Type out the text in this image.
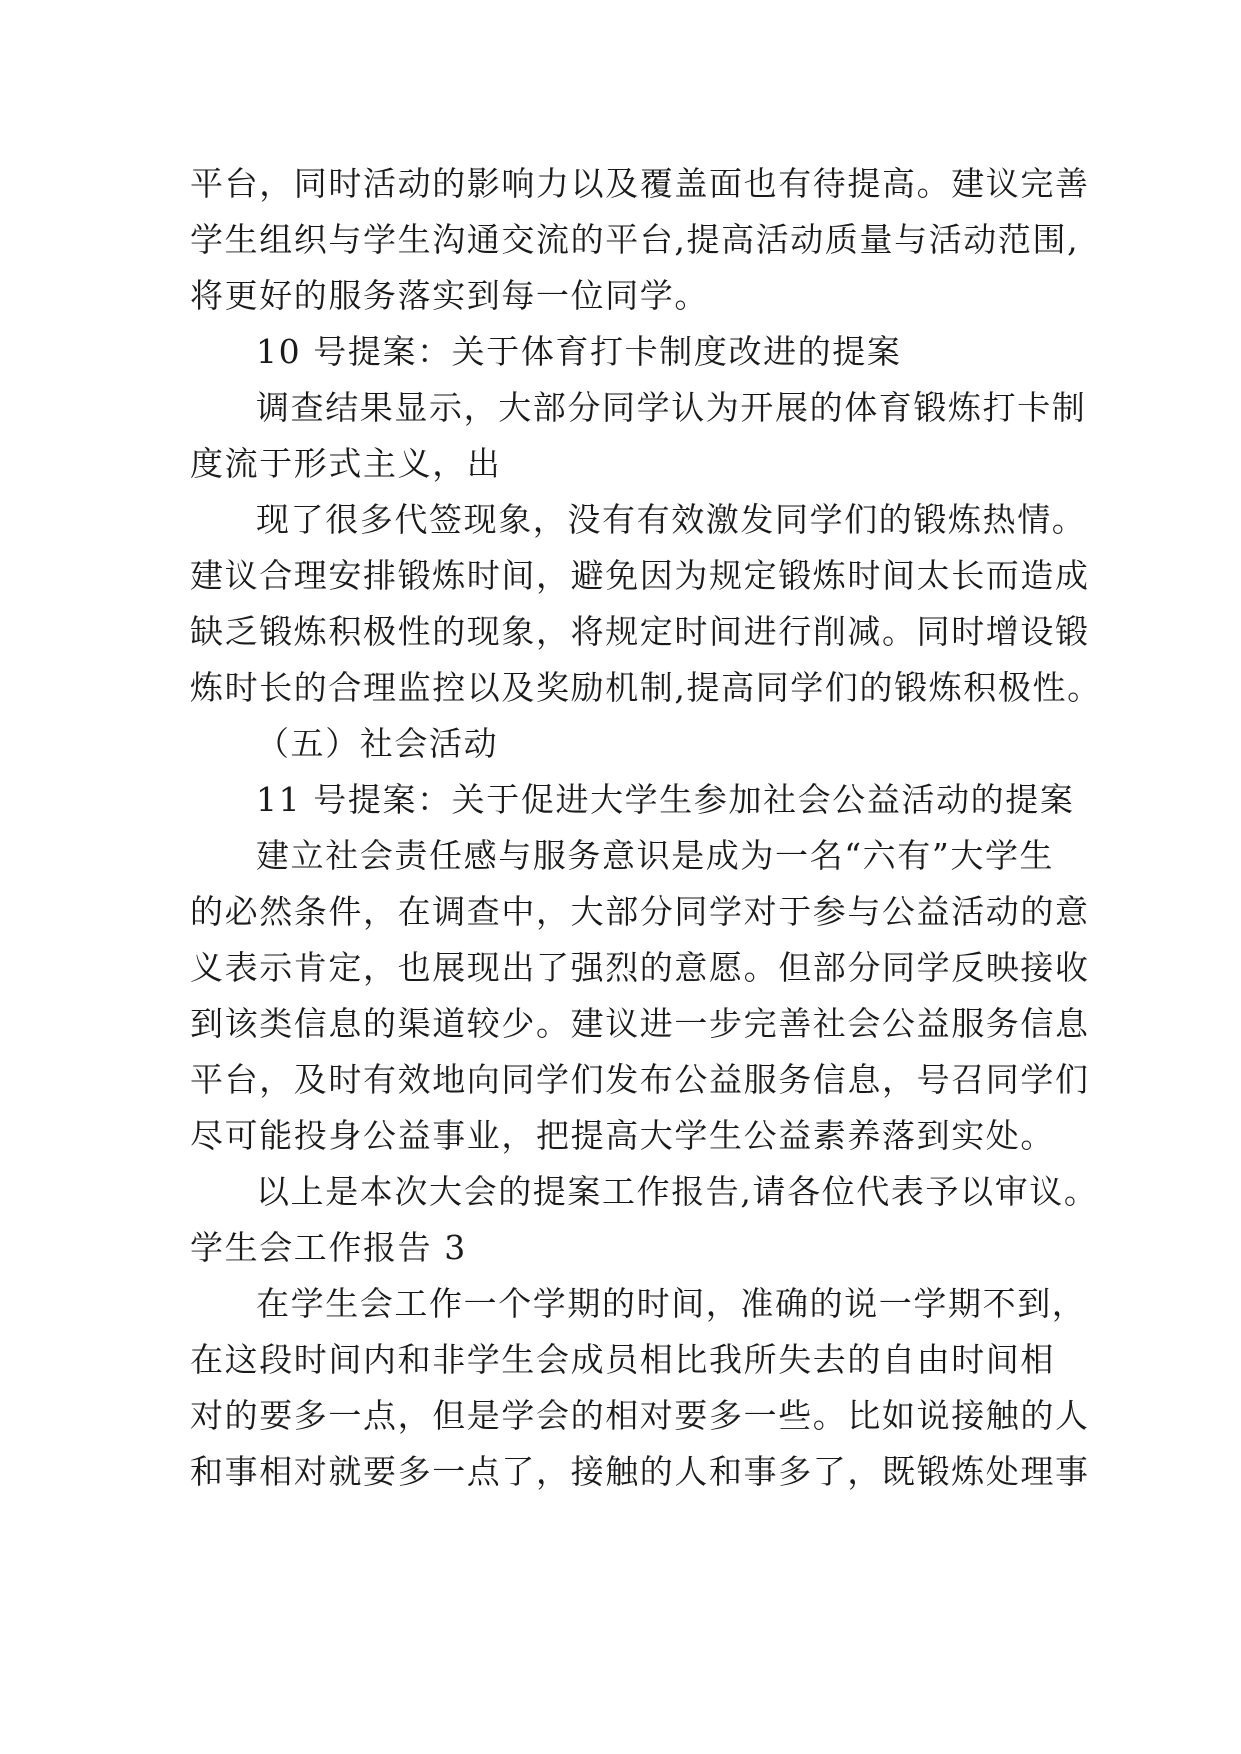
平台，同时活动的影响力以及覆盖面也有待提高。建议完善

学生组织与学生沟通交流的平台,提高活动质量与活动范围,

将更好的服务落实到每一位同学。

10 号提案：关于体育打卡制度改进的提案

调查结果显示，大部分同学认为开展的体育锻炼打卡制

度流于形式主义，出

现了很多代签现象，没有有效激发同学们的锻炼热情。

建议合理安排锻炼时间，避免因为规定锻炼时间太长而造成

缺乏锻炼积极性的现象，将规定时间进行削减。同时增设锻

炼时长的合理监控以及奖励机制,提高同学们的锻炼积极性。

（五）社会活动

11 号提案：关于促进大学生参加社会公益活动的提案

建立社会责任感与服务意识是成为一名“六有”大学生

的必然条件，在调查中，大部分同学对于参与公益活动的意

义表示肯定，也展现出了强烈的意愿。但部分同学反映接收

到该类信息的渠道较少。建议进一步完善社会公益服务信息

平台，及时有效地向同学们发布公益服务信息，号召同学们

尽可能投身公益事业，把提高大学生公益素养落到实处。

以上是本次大会的提案工作报告,请各位代表予以审议。

学生会工作报告 3

在学生会工作一个学期的时间，准确的说一学期不到，

在这段时间内和非学生会成员相比我所失去的自由时间相

对的要多一点，但是学会的相对要多一些。比如说接触的人

和事相对就要多一点了，接触的人和事多了，既锻炼处理事
